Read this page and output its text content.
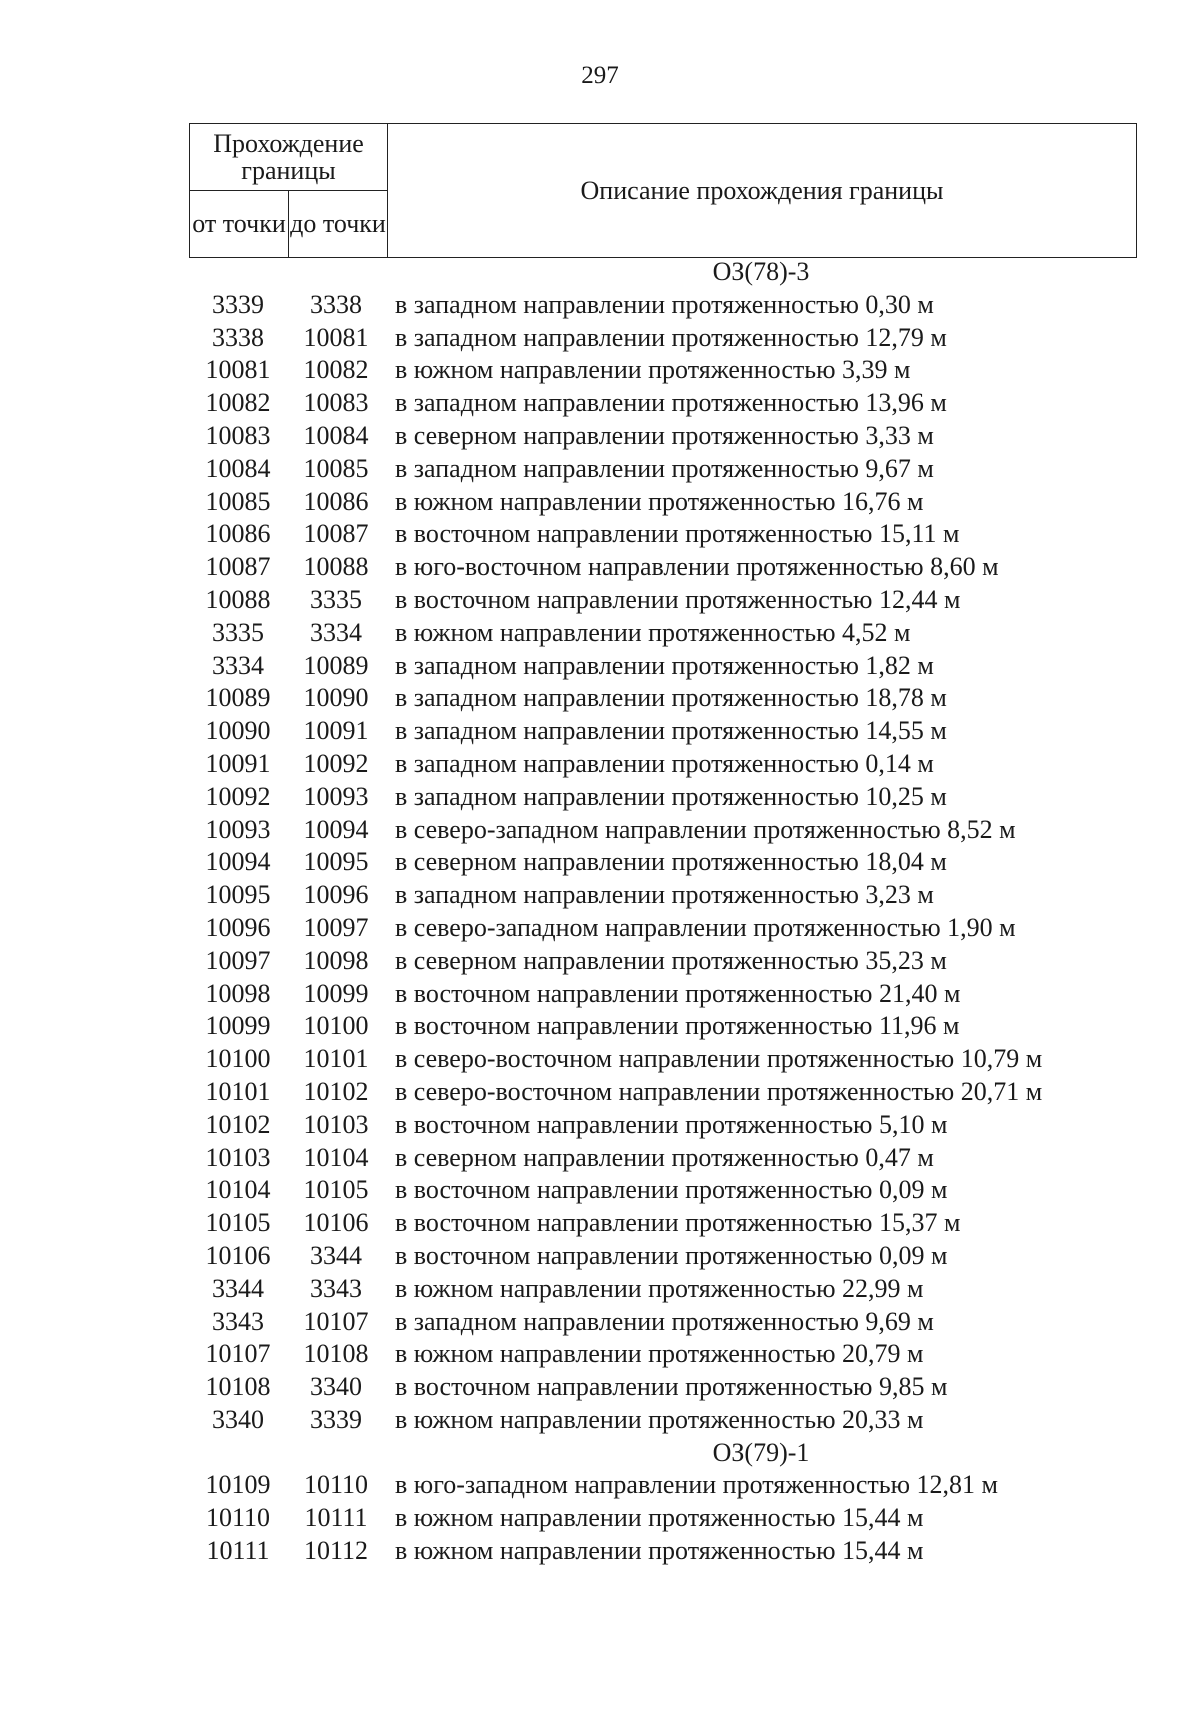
297
Прохождение границы		Описание прохождения границы
от точки	до точки	
		ОЗ(78)-3
3339	3338	в западном направлении протяженностью 0,30 м
3338	10081	в западном направлении протяженностью 12,79 м
10081	10082	в южном направлении протяженностью 3,39 м
10082	10083	в западном направлении протяженностью 13,96 м
10083	10084	в северном направлении протяженностью 3,33 м
10084	10085	в западном направлении протяженностью 9,67 м
10085	10086	в южном направлении протяженностью 16,76 м
10086	10087	в восточном направлении протяженностью 15,11 м
10087	10088	в юго-восточном направлении протяженностью 8,60 м
10088	3335	в восточном направлении протяженностью 12,44 м
3335	3334	в южном направлении протяженностью 4,52 м
3334	10089	в западном направлении протяженностью 1,82 м
10089	10090	в западном направлении протяженностью 18,78 м
10090	10091	в западном направлении протяженностью 14,55 м
10091	10092	в западном направлении протяженностью 0,14 м
10092	10093	в западном направлении протяженностью 10,25 м
10093	10094	в северо-западном направлении протяженностью 8,52 м
10094	10095	в северном направлении протяженностью 18,04 м
10095	10096	в западном направлении протяженностью 3,23 м
10096	10097	в северо-западном направлении протяженностью 1,90 м
10097	10098	в северном направлении протяженностью 35,23 м
10098	10099	в восточном направлении протяженностью 21,40 м
10099	10100	в восточном направлении протяженностью 11,96 м
10100	10101	в северо-восточном направлении протяженностью 10,79 м
10101	10102	в северо-восточном направлении протяженностью 20,71 м
10102	10103	в восточном направлении протяженностью 5,10 м
10103	10104	в северном направлении протяженностью 0,47 м
10104	10105	в восточном направлении протяженностью 0,09 м
10105	10106	в восточном направлении протяженностью 15,37 м
10106	3344	в восточном направлении протяженностью 0,09 м
3344	3343	в южном направлении протяженностью 22,99 м
3343	10107	в западном направлении протяженностью 9,69 м
10107	10108	в южном направлении протяженностью 20,79 м
10108	3340	в восточном направлении протяженностью 9,85 м
3340	3339	в южном направлении протяженностью 20,33 м
		ОЗ(79)-1
10109	10110	в юго-западном направлении протяженностью 12,81 м
10110	10111	в южном направлении протяженностью 15,44 м
10111	10112	в южном направлении протяженностью 15,44 м
